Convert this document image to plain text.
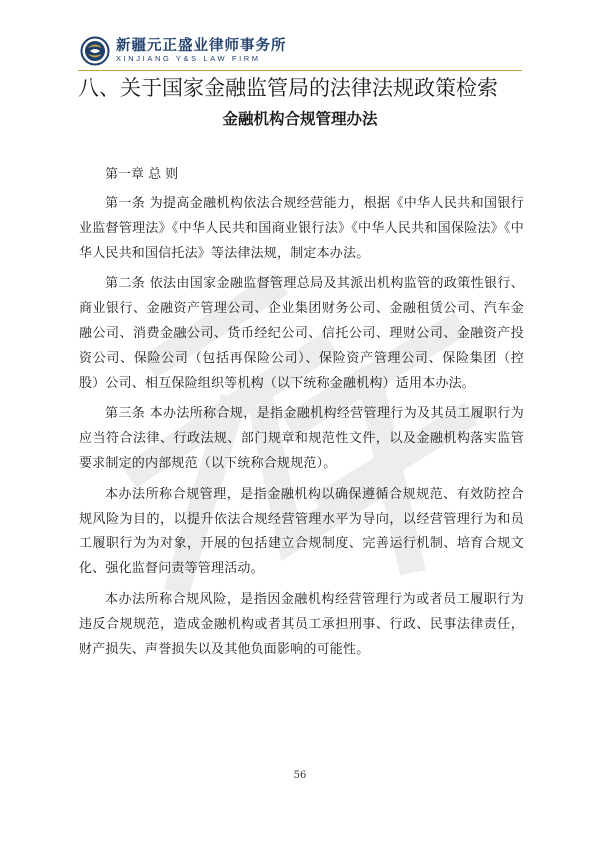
新疆元正盛业律师事务所
XINJIANG Y&S LAW FIRM
八、关于国家金融监管局的法律法规政策检索
金融机构合规管理办法

第一章 总 则

第一条 为提高金融机构依法合规经营能力，根据《中华人民共和国银行业监督管理法》《中华人民共和国商业银行法》《中华人民共和国保险法》《中华人民共和国信托法》等法律法规，制定本办法。

第二条 依法由国家金融监督管理总局及其派出机构监管的政策性银行、商业银行、金融资产管理公司、企业集团财务公司、金融租赁公司、汽车金融公司、消费金融公司、货币经纪公司、信托公司、理财公司、金融资产投资公司、保险公司（包括再保险公司）、保险资产管理公司、保险集团（控股）公司、相互保险组织等机构（以下统称金融机构）适用本办法。

第三条 本办法所称合规，是指金融机构经营管理行为及其员工履职行为应当符合法律、行政法规、部门规章和规范性文件，以及金融机构落实监管要求制定的内部规范（以下统称合规规范）。

本办法所称合规管理，是指金融机构以确保遵循合规规范、有效防控合规风险为目的，以提升依法合规经营管理水平为导向，以经营管理行为和员工履职行为为对象，开展的包括建立合规制度、完善运行机制、培育合规文化、强化监督问责等管理活动。

本办法所称合规风险，是指因金融机构经营管理行为或者员工履职行为违反合规规范，造成金融机构或者其员工承担刑事、行政、民事法律责任，财产损失、声誉损失以及其他负面影响的可能性。

56
